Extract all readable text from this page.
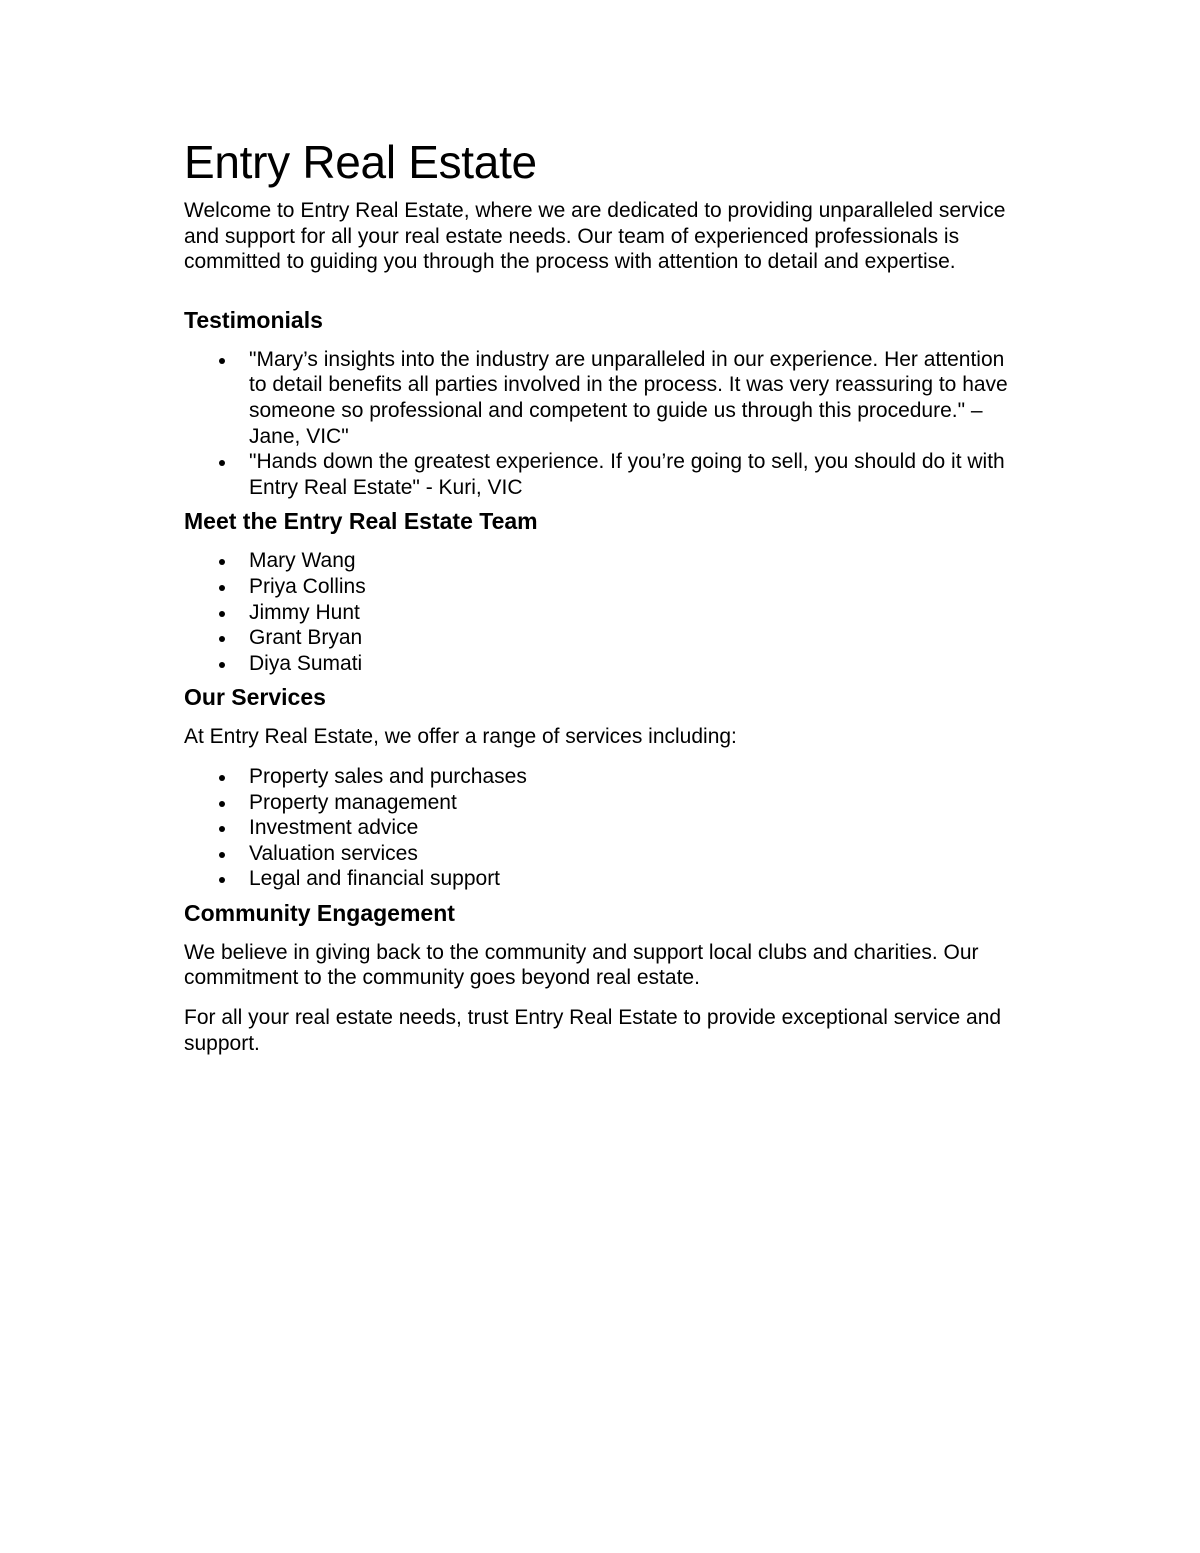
Entry Real Estate

Welcome to Entry Real Estate, where we are dedicated to providing unparalleled service and support for all your real estate needs. Our team of experienced professionals is committed to guiding you through the process with attention to detail and expertise.

Testimonials
"Mary’s insights into the industry are unparalleled in our experience. Her attention to detail benefits all parties involved in the process. It was very reassuring to have someone so professional and competent to guide us through this procedure." – Jane, VIC"
"Hands down the greatest experience. If you’re going to sell, you should do it with Entry Real Estate" - Kuri, VIC
Meet the Entry Real Estate Team
Mary Wang
Priya Collins
Jimmy Hunt
Grant Bryan
Diya Sumati
Our Services

At Entry Real Estate, we offer a range of services including:

Property sales and purchases
Property management
Investment advice
Valuation services
Legal and financial support
Community Engagement

We believe in giving back to the community and support local clubs and charities. Our commitment to the community goes beyond real estate.

For all your real estate needs, trust Entry Real Estate to provide exceptional service and support.
